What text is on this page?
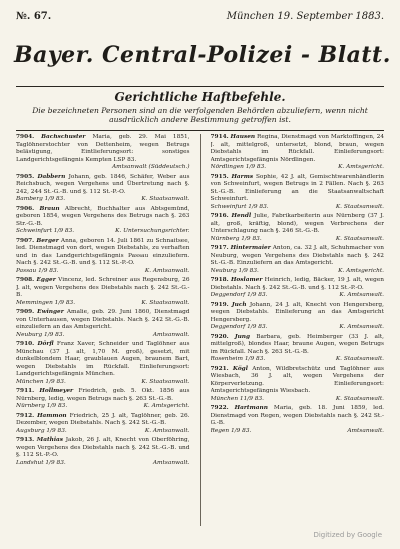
№. 67.	München 19. September 1883.
Bayer. Central- Polizei - Blatt.
Gerichtliche Haftbefehle.
Die bezeichneten Personen sind an die verfolgenden Behörden abzuliefern, wenn nicht ausdrücklich andere Bestimmung getroffen ist.
7904. Bachschuster Maria, geb. 29. Mai 1851, Taglöhnerstochter von Dettenheim, wegen Betrugs belästigung, Eintlieferungsort: sonstiges Landgerichtsgefängnis Kempten LSP 83.
Amtsanwalt (Süddeutsch.)
7905. Dabbern Johann, geb. 1846, Schäfer, Weber aus Reichsbuch, wegen Vergehens und Übertretung nach §. 242, 244 St.-G.-B. und §. 112 St.-P.-O.
Bamberg 1/9 83.	K. Staatsanwalt.
7906. Braun Albrecht, Buchhalter aus Abtsgemünd, geboren 1854, wegen Vergehens des Betrugs nach §. 263 Str.-G.-B.
Schweinfurt 1/9 83.	K. Untersuchungsrichter.
7907. Berger Anna, geboren 14. Juli 1861 zu Schnaitsee, led. Dienstmagd von dort, wegen Diebstahls, zu verhaften und in das Landgerichtsgefängnis Passau einzuliefern. Nach §. 242 St.-G.-B. und §. 112 St.-P.-O.
Passau 1/9 83.	K. Amtsanwalt.
7908. Egger Vincenz, led. Schreiner aus Regensburg, 26 J. alt, wegen Vergehens des Diebstahls nach §. 242 St.-G.-B.
Memmingen 1/9 83.	K. Staatsanwalt.
7909. Ewinger Amalie, geb. 29. Juni 1860, Dienstmagd von Unterhausen, wegen Diebstahls. Nach §. 242 St.-G.-B. einzuliefern an das Amtsgericht.
Neuburg 1/9 83.	Amtsanwalt.
7910. Dörfl Franz Xaver, Schneider und Taglöhner aus Münchau (37 J. alt, 1,70 M. groß), gesetzt, mit dunkelblondem Haar, graublauen Augen, braunem Bart, wegen Diebstahls im Rückfall. Einlieferungsort: Landgerichtsgefängnis München.
München 1/9 83.	K. Staatsanwalt.
7911. Hollmeyer Friedrich, geb. 5. Okt. 1856 aus Nürnberg, ledig, wegen Betrugs nach §. 263 St.-G.-B.
Nürnberg 1/9 83.	K. Amtsgericht.
7912. Hammon Friedrich, 25 J. alt, Taglöhner, geb. 26. Dezember, wegen Diebstahls. Nach §. 242 St.-G.-B.
Augsburg 1/9 83.	K. Amtsanwalt.
7913. Mathias Jakob, 26 J. alt, Knecht von Oberföhring, wegen Vergehens des Diebstahls nach §. 242 St.-G.-B. und §. 112 St.-P.-O.
Landshut 1/9 83.	Amtsanwalt.
7914. Hausen Regina, Dienstmagd von Marktoffingen, 24 J. alt, mittelgroß, untersetzt, blond, braun, wegen Diebstahls im Rückfall. Einlieferungsort: Amtsgerichtsgefängnis Nördlingen.
Nördlingen 1/9 83.	K. Amtsgericht.
7915. Harms Sophie, 42 J. alt, Gemischtwarenhändlerin von Schweinfurt, wegen Betrugs in 2 Fällen. Nach §. 263 St.-G.-B. Einlieferung an die Staatsanwaltschaft Schweinfurt.
Schweinfurt 1/9 83.	K. Staatsanwalt.
7916. Hendl Julie, Fabrikarbeiterin aus Nürnberg (37 J. alt, groß, kräftig, blond), wegen Verbrechens der Unterschlagung nach §. 246 St.-G.-B.
Nürnberg 1/9 83.	K. Staatsanwalt.
7917. Hintermaier Anton, ca. 32 J. alt, Schuhmacher von Neuburg, wegen Vergehens des Diebstahls nach §. 242 St.-G.-B. Einzuliefern an das Amtsgericht.
Neuburg 1/9 83.	K. Amtsgericht.
7918. Hoslamer Heinrich, ledig, Bäcker, 19 J. alt, wegen Diebstahls. Nach §. 242 St.-G.-B. und §. 112 St.-P.-O.
Deggendorf 1/9 83.	K. Amtsanwalt.
7919. Juch Johann, 24 J. alt, Knecht von Hengersberg, wegen Diebstahls. Einlieferung an das Amtsgericht Hengersberg.
Deggendorf 1/9 83.	K. Amtsanwalt.
7920. Jung Barbara, geb. Heimberger (33 J. alt, mittelgroß), blondes Haar, braune Augen, wegen Betrugs im Rückfall. Nach §. 263 St.-G.-B.
Rosenheim 1/9 83.	K. Staatsanwalt.
7921. Kögl Anton, Wildbretschütz und Taglöhner aus Wiesbach, 36 J. alt, wegen Vergehens der Körperverletzung. Einlieferungsort: Amtsgerichtsgefängnis Wiesbach.
München 11/9 83.	K. Staatsanwalt.
7922. Hartmann Maria, geb. 18. Juni 1859, led. Dienstmagd von Regen, wegen Diebstahls nach §. 242 St.-G.-B.
Regen 1/9 83.	Amtsanwalt.
Digitized by Google
